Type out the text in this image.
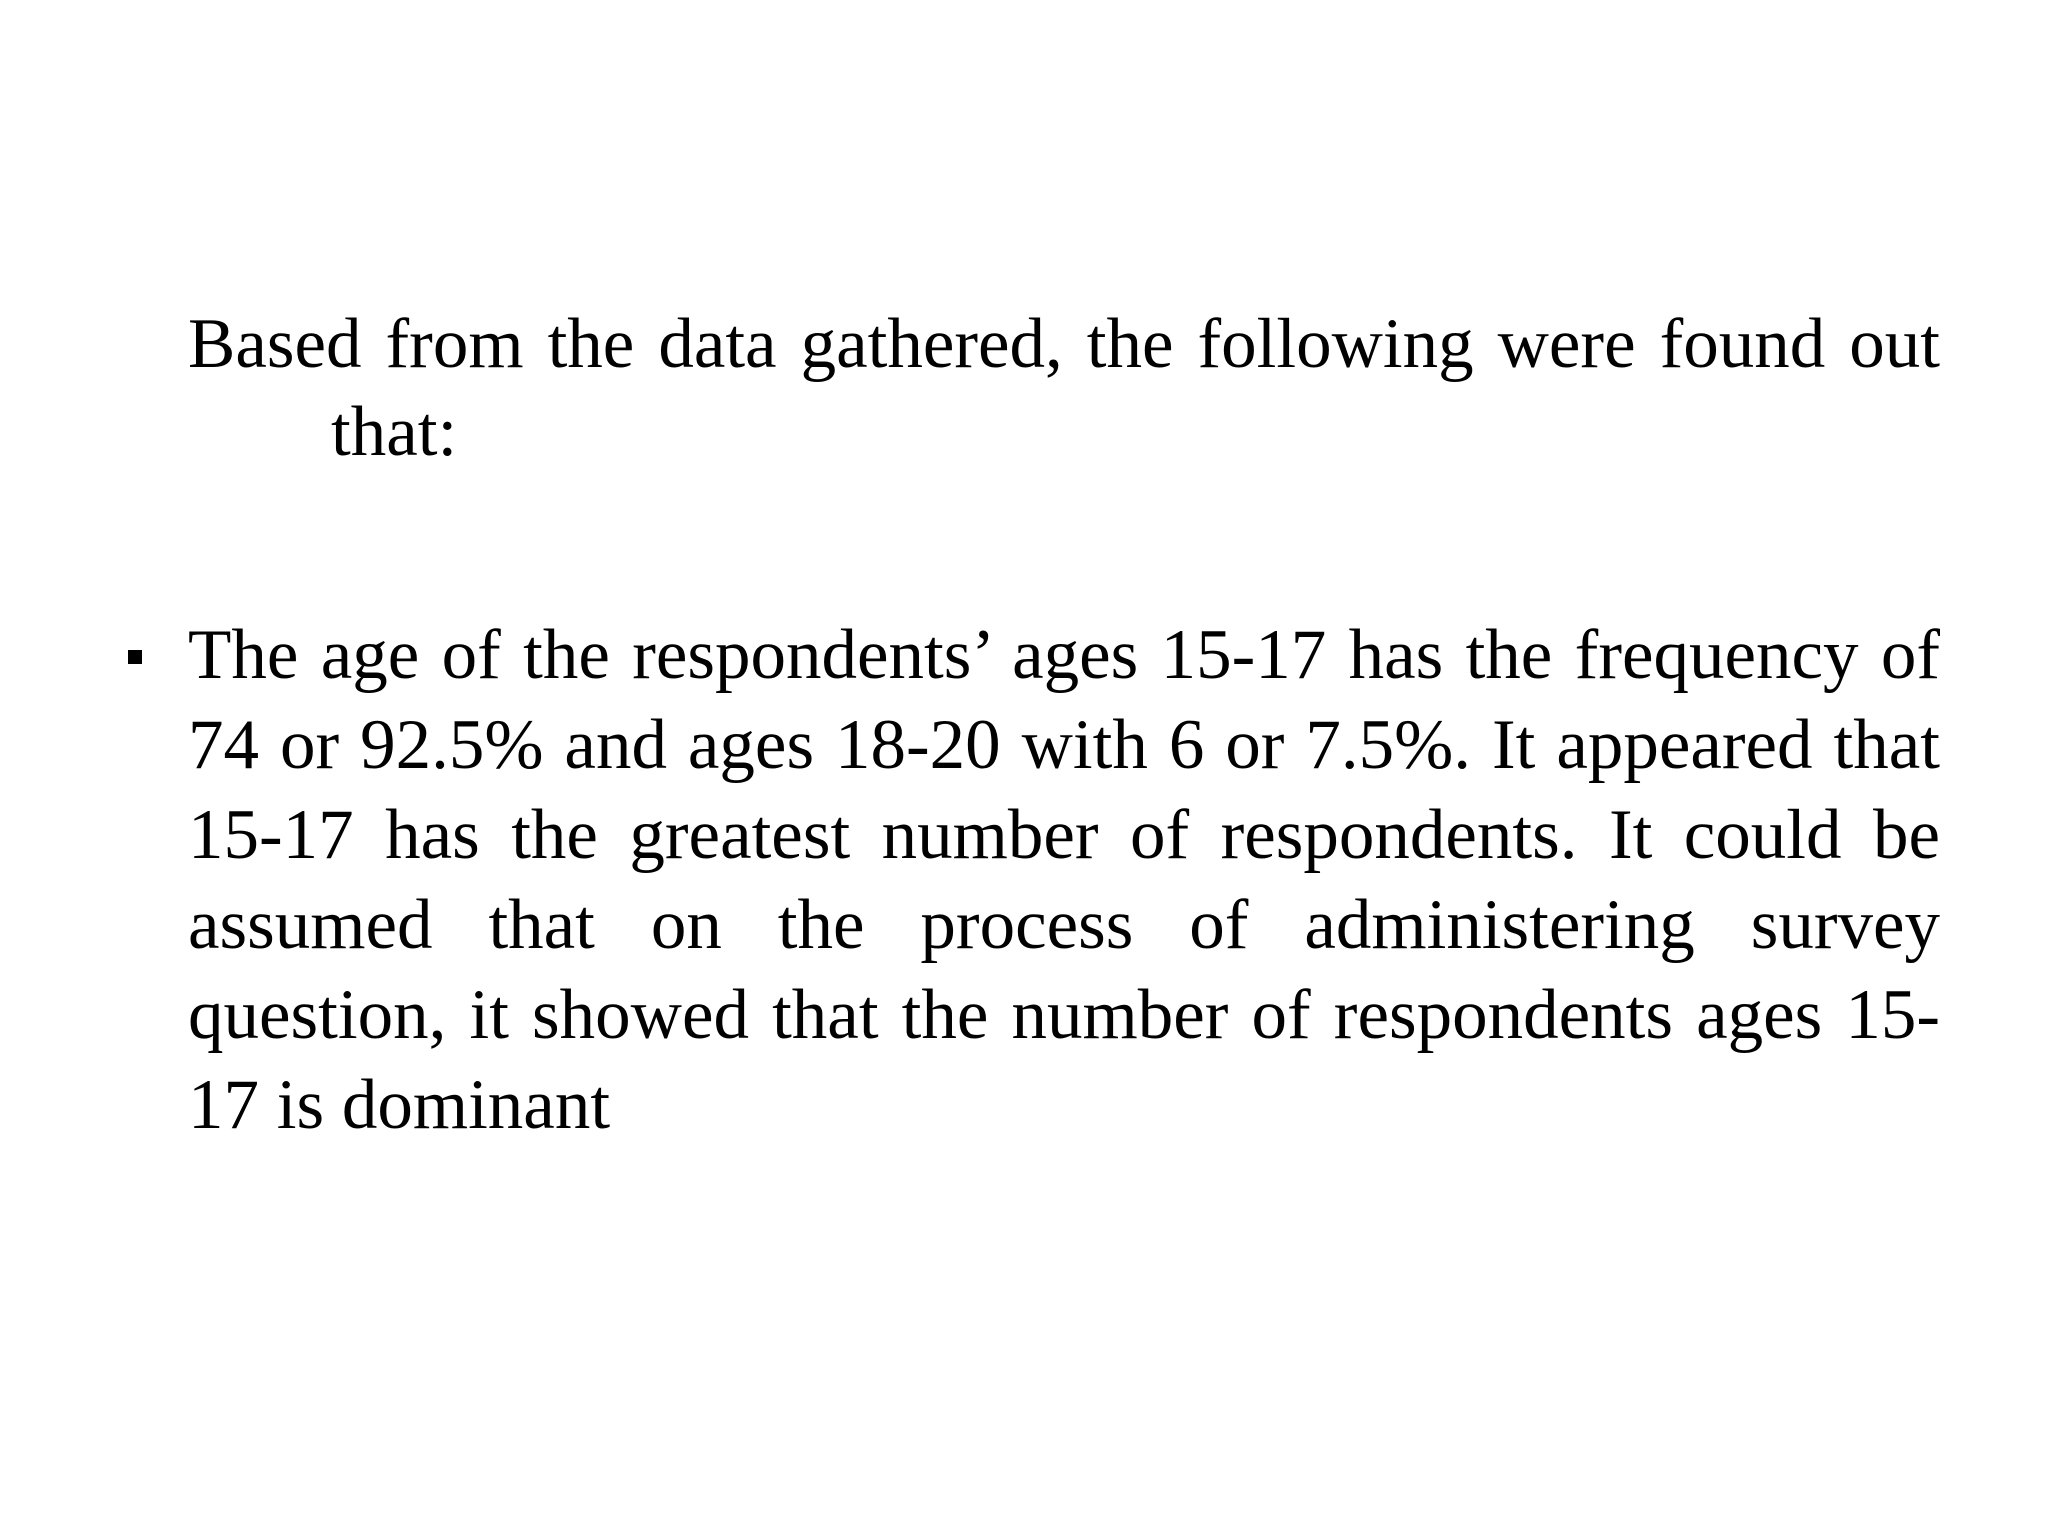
Based from the data gathered, the following were found out that:

The age of the respondents’ ages 15-17 has the frequency of 74 or 92.5% and ages 18-20 with 6 or 7.5%. It appeared that 15-17 has the greatest number of respondents. It could be assumed that on the process of administering survey question, it showed that the number of respondents ages 15-17 is dominant
